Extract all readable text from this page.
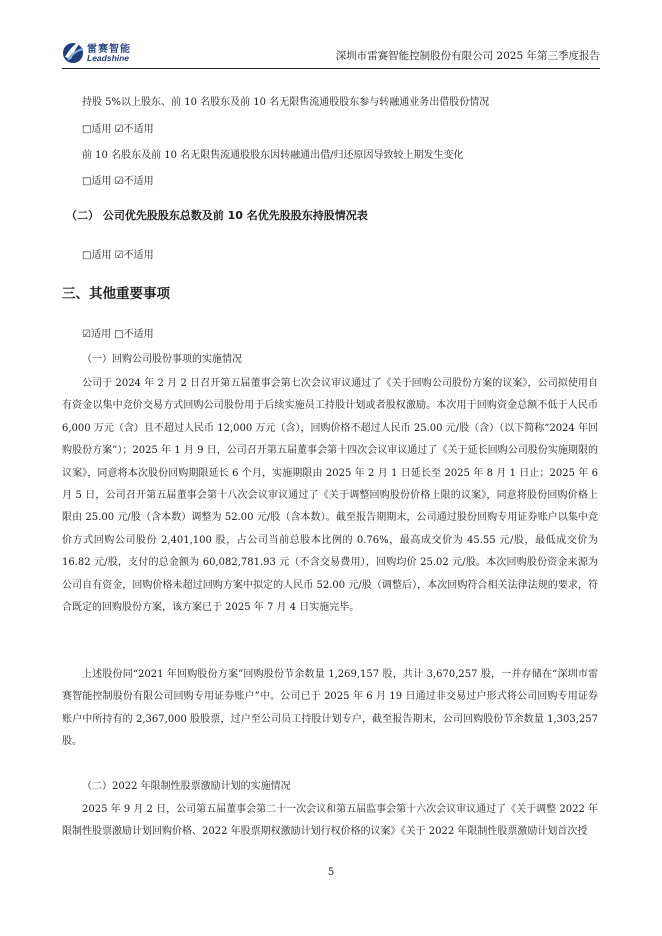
雷赛智能
Leadshine	深圳市雷赛智能控制股份有限公司 2025 年第三季度报告
持股 5%以上股东、前 10 名股东及前 10 名无限售流通股股东参与转融通业务出借股份情况
□适用 ☑不适用
前 10 名股东及前 10 名无限售流通股股东因转融通出借/归还原因导致较上期发生变化
□适用 ☑不适用
（二） 公司优先股股东总数及前 10 名优先股股东持股情况表
□适用 ☑不适用
三、其他重要事项
☑适用 □不适用
（一）回购公司股份事项的实施情况
公司于 2024 年 2 月 2 日召开第五届董事会第七次会议审议通过了《关于回购公司股份方案的议案》，公司拟使用自有资金以集中竞价交易方式回购公司股份用于后续实施员工持股计划或者股权激励。本次用于回购资金总额不低于人民币 6,000 万元（含）且不超过人民币 12,000 万元（含），回购价格不超过人民币 25.00 元/股（含）（以下简称“2024 年回购股份方案”）；2025 年 1 月 9 日，公司召开第五届董事会第十四次会议审议通过了《关于延长回购公司股份实施期限的议案》，同意将本次股份回购期限延长 6 个月，实施期限由 2025 年 2 月 1 日延长至 2025 年 8 月 1 日止；2025 年 6 月 5 日，公司召开第五届董事会第十八次会议审议通过了《关于调整回购股份价格上限的议案》，同意将股份回购价格上限由 25.00 元/股（含本数）调整为 52.00 元/股（含本数）。截至报告期期末，公司通过股份回购专用证券账户以集中竞价方式回购公司股份 2,401,100 股，占公司当前总股本比例的 0.76%，最高成交价为 45.55 元/股，最低成交价为 16.82 元/股，支付的总金额为 60,082,781.93 元（不含交易费用），回购均价 25.02 元/股。本次回购股份资金来源为公司自有资金，回购价格未超过回购方案中拟定的人民币 52.00 元/股（调整后），本次回购符合相关法律法规的要求，符合既定的回购股份方案，该方案已于 2025 年 7 月 4 日实施完毕。
上述股份同“2021 年回购股份方案”回购股份节余数量 1,269,157 股，共计 3,670,257 股，一并存储在“深圳市雷赛智能控制股份有限公司回购专用证券账户”中。公司已于 2025 年 6 月 19 日通过非交易过户形式将公司回购专用证券账户中所持有的 2,367,000 股股票，过户至公司员工持股计划专户，截至报告期末，公司回购股份节余数量 1,303,257 股。
（二）2022 年限制性股票激励计划的实施情况
2025 年 9 月 2 日，公司第五届董事会第二十一次会议和第五届监事会第十六次会议审议通过了《关于调整 2022 年限制性股票激励计划回购价格、2022 年股票期权激励计划行权价格的议案》《关于 2022 年限制性股票激励计划首次授
5
